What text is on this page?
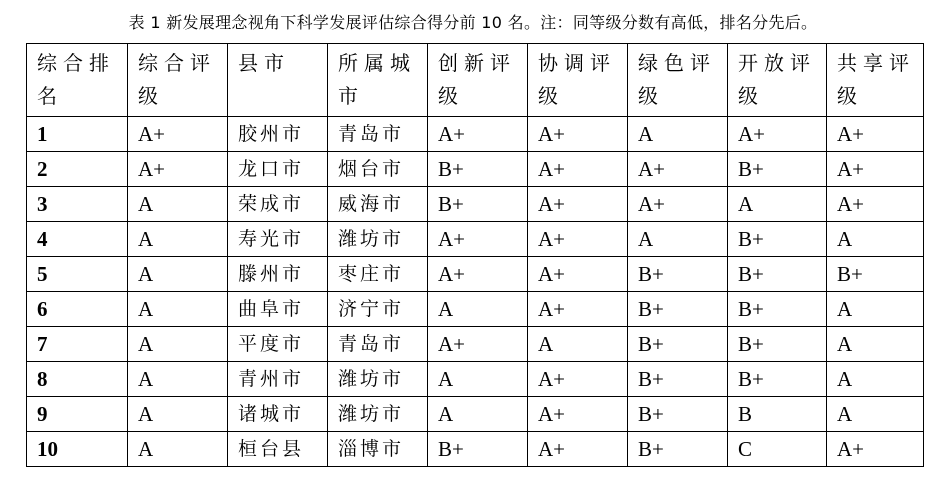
表 1 新发展理念视角下科学发展评估综合得分前 10 名。注：同等级分数有高低，排名分先后。
综合排名	综合评级	县市	所属城市	创新评级	协调评级	绿色评级	开放评级	共享评级
1	A+	胶州市	青岛市	A+	A+	A	A+	A+
2	A+	龙口市	烟台市	B+	A+	A+	B+	A+
3	A	荣成市	威海市	B+	A+	A+	A	A+
4	A	寿光市	潍坊市	A+	A+	A	B+	A
5	A	滕州市	枣庄市	A+	A+	B+	B+	B+
6	A	曲阜市	济宁市	A	A+	B+	B+	A
7	A	平度市	青岛市	A+	A	B+	B+	A
8	A	青州市	潍坊市	A	A+	B+	B+	A
9	A	诸城市	潍坊市	A	A+	B+	B	A
10	A	桓台县	淄博市	B+	A+	B+	C	A+
